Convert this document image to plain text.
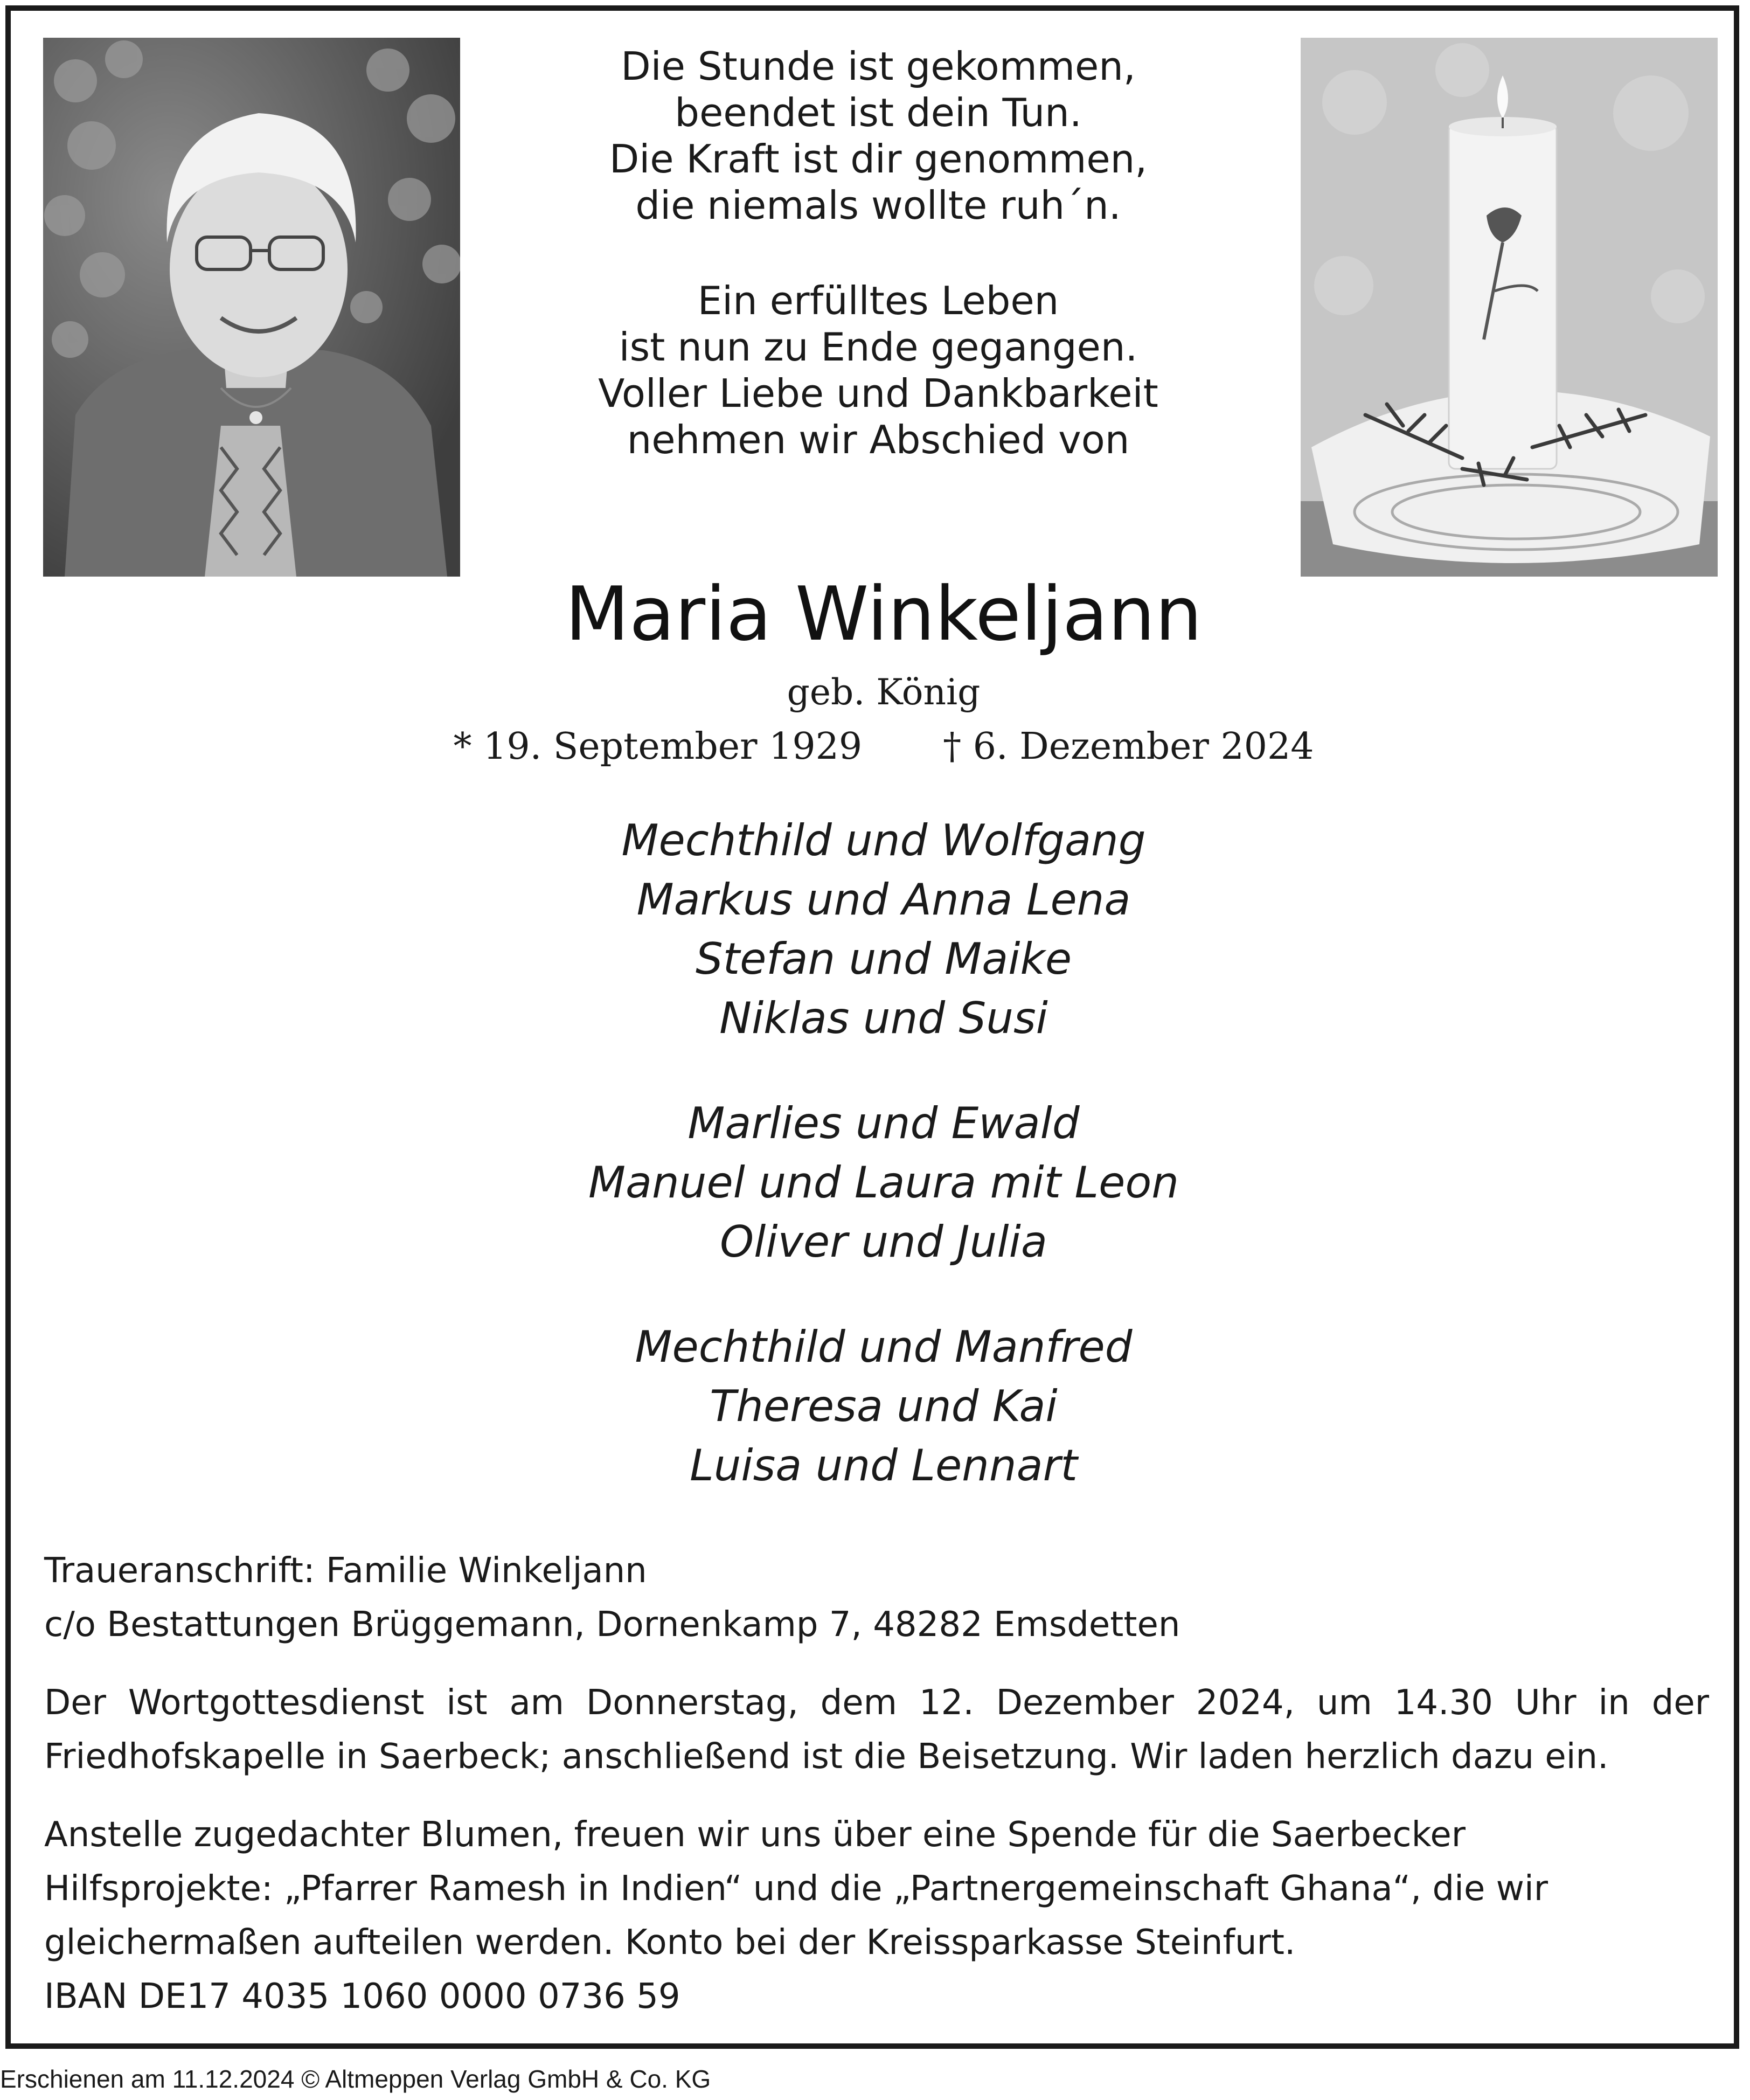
Die Stunde ist gekommen,

beendet ist dein Tun.

Die Kraft ist dir genommen,

die niemals wollte ruh´n.

Ein erfülltes Leben

ist nun zu Ende gegangen.

Voller Liebe und Dankbarkeit

nehmen wir Abschied von

Maria Winkeljann
geb. König
* 19. September 1929 † 6. Dezember 2024

Mechthild und Wolfgang

Markus und Anna Lena

Stefan und Maike

Niklas und Susi

Marlies und Ewald

Manuel und Laura mit Leon

Oliver und Julia

Mechthild und Manfred

Theresa und Kai

Luisa und Lennart

Traueranschrift: Familie Winkeljann

c/o Bestattungen Brüggemann, Dornenkamp 7, 48282 Emsdetten

Der Wortgottesdienst ist am Donnerstag, dem 12. Dezember 2024, um 14.30 Uhr in der Friedhofskapelle in Saerbeck; anschließend ist die Beisetzung. Wir laden herzlich dazu ein.

Anstelle zugedachter Blumen, freuen wir uns über eine Spende für die Saerbecker

Hilfsprojekte: „Pfarrer Ramesh in Indien“ und die „Partnergemeinschaft Ghana“, die wir

gleichermaßen aufteilen werden. Konto bei der Kreissparkasse Steinfurt.

IBAN DE17 4035 1060 0000 0736 59

Erschienen am 11.12.2024 © Altmeppen Verlag GmbH & Co. KG
